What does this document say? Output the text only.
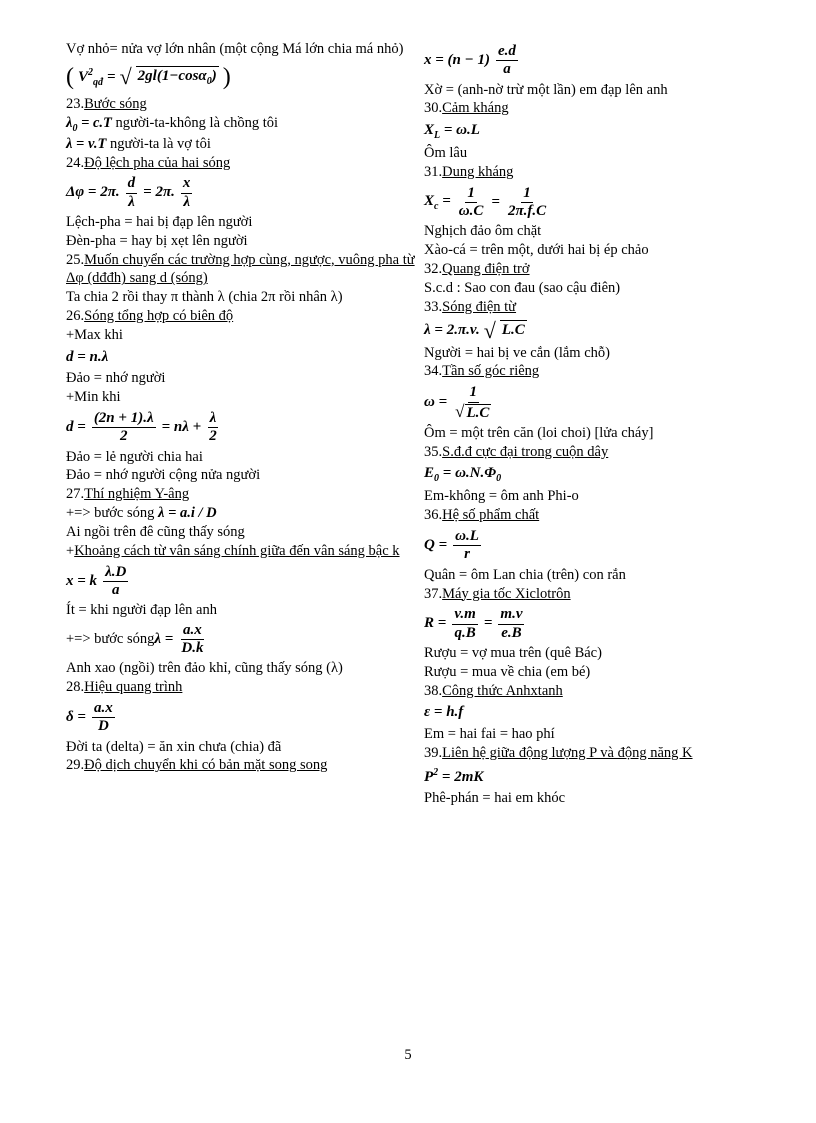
Vợ nhỏ= nửa vợ lớn nhân (một cộng Má lớn chia má nhỏ)

( $V^2_{qđ}$ = √ 2gl(1−cosα$_0$) )

23.Bước sóng

$\lambda_0 = c.T$ người-ta-không là chồng tôi

λ = v.T người-ta là vợ tôi

24.Độ lệch pha của hai sóng

Δφ = 2π. $\frac{d}{\lambda} = 2\pi$. $\frac{x}{\lambda}$

Lệch-pha = hai bị đạp lên người

Đèn-pha = hay bị xẹt lên người

25.Muốn chuyển các trường hợp cùng, ngược, vuông pha từ Δφ (dđđh) sang d (sóng)

Ta chia 2 rồi thay π thành λ (chia 2π rồi nhân λ)

26.Sóng tổng hợp có biên độ

+Max khi

d = n.λ

Đảo = nhớ người

+Min khi

$d = \frac{(2n + 1).\lambda}{2} = n\lambda + \frac{\lambda}{2}$

Đảo = lẻ người chia hai

Đảo = nhớ người cộng nửa người

27.Thí nghiệm Y-âng

+=> bước sóng λ = a.i / D

Ai ngồi trên đê cũng thấy sóng

+Khoảng cách từ vân sáng chính giữa đến vân sáng bậc k

x = k $\frac{\lambda.D}{a}$

Ít = khi người đạp lên anh

+=> bước sóng $\lambda = \frac{a.x}{D.k}$

Anh xao (ngồi) trên đảo khỉ, cũng thấy sóng (λ)

28.Hiệu quang trình

$\delta = \frac{a.x}{D}$

Đời ta (delta) = ăn xin chưa (chia) đã

29.Độ dịch chuyển khi có bản mặt song song

$x = (n - 1) \frac{e.d}{a}$

Xờ = (anh-nờ trừ một lần) em đạp lên anh

30.Cảm kháng

$X_L = \omega.L$

Ôm lâu

31.Dung kháng

$X_c = \frac{1}{\omega.C} = \frac{1}{2\pi.f.C}$

Nghịch đảo ôm chặt

Xào-cá = trên một, dưới hai bị ép chảo

32.Quang điện trở

S.c.d : Sao con đau (sao cậu điên)

33.Sóng điện từ

λ = 2.π.v. √ L.C

Người = hai bị ve cắn (lắm chỗ)

34.Tần số góc riêng

$\omega = \frac{1}{√ L.C}$

Ôm = một trên căn (loi choi) [lửa cháy]

35.S.đ.đ cực đại trong cuộn dây

$E_0 = \omega.N.\Phi_0$

Em-không = ôm anh Phi-o

36.Hệ số phẩm chất

$Q = \frac{\omega.L}{r}$

Quân = ôm Lan chia (trên) con rắn

37.Máy gia tốc Xiclotrôn

$R = \frac{v.m}{q.B} = \frac{m.v}{e.B}$

Rượu = vợ mua trên (quê Bác)

Rượu = mua về chia (em bé)

38.Công thức Anhxtanh

ε = h.f

Em = hai fai = hao phí

39.Liên hệ giữa động lượng P và động năng K

$P^2 = 2mK$

Phê-phán = hai em khóc

5
